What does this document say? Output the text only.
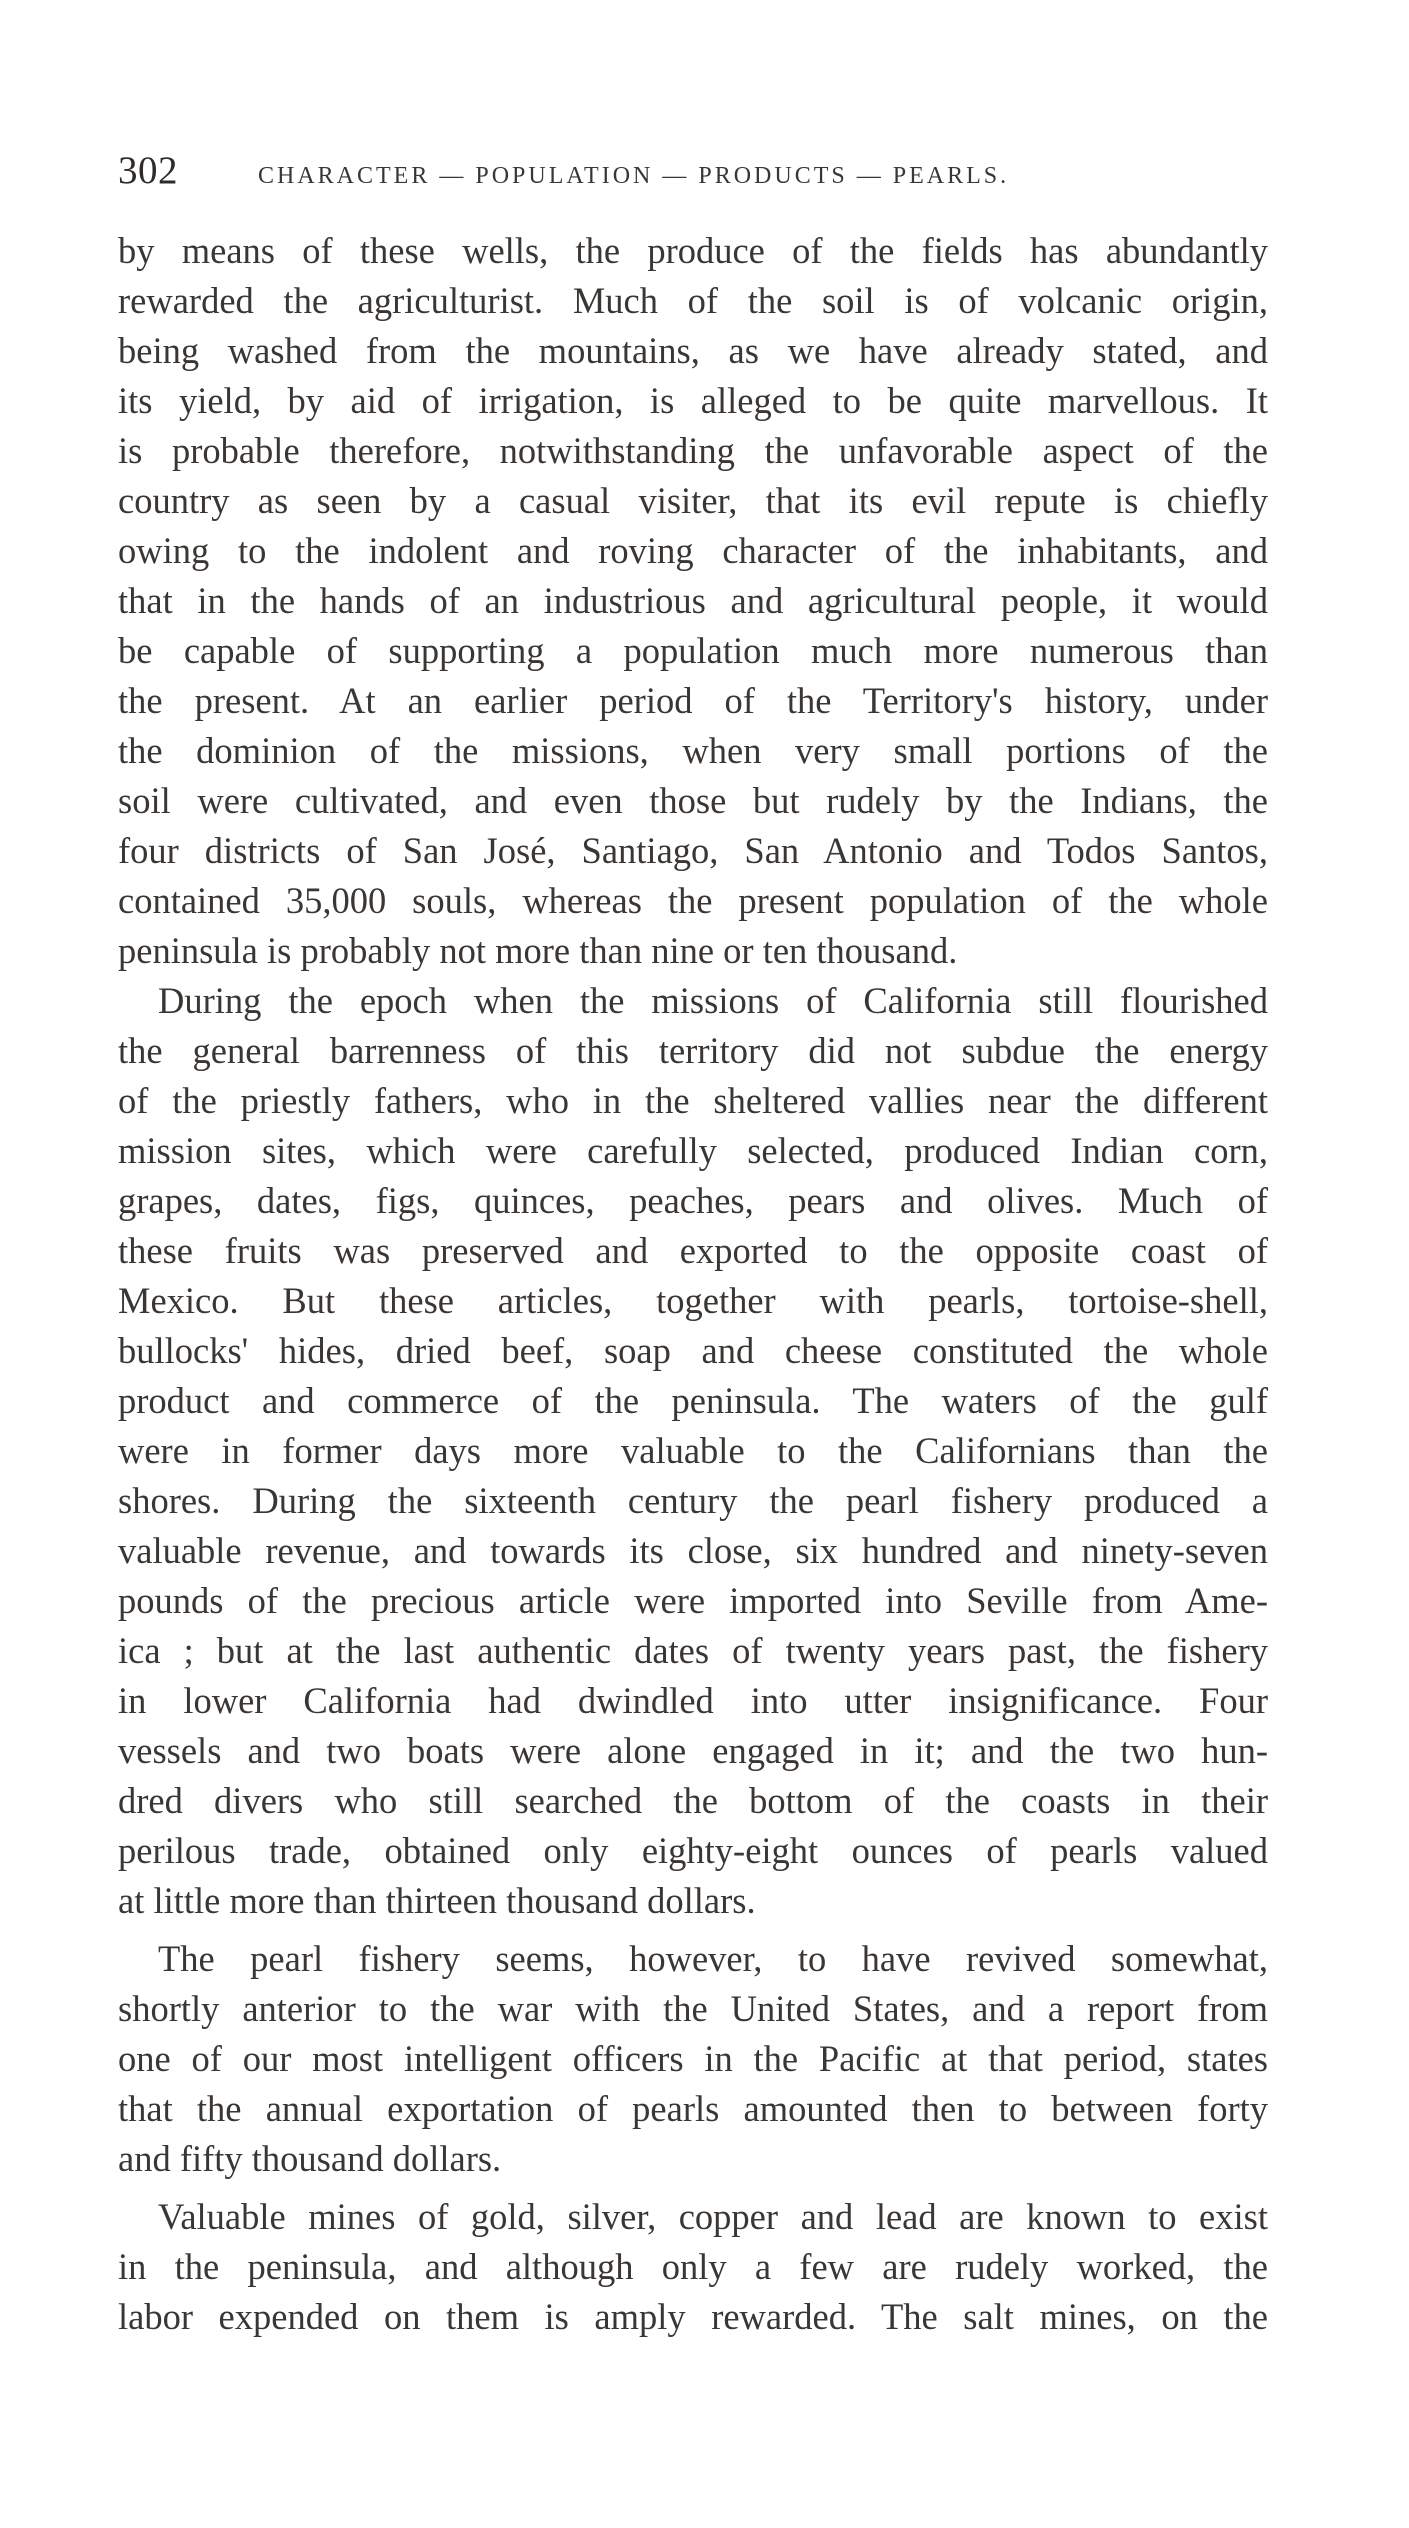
302	CHARACTER — POPULATION — PRODUCTS — PEARLS.

by means of these wells, the produce of the fields has abundantly

rewarded the agriculturist. Much of the soil is of volcanic origin,

being washed from the mountains, as we have already stated, and

its yield, by aid of irrigation, is alleged to be quite marvellous. It

is probable therefore, notwithstanding the unfavorable aspect of the

country as seen by a casual visiter, that its evil repute is chiefly

owing to the indolent and roving character of the inhabitants, and

that in the hands of an industrious and agricultural people, it would

be capable of supporting a population much more numerous than

the present. At an earlier period of the Territory's history, under

the dominion of the missions, when very small portions of the

soil were cultivated, and even those but rudely by the Indians, the

four districts of San José, Santiago, San Antonio and Todos Santos,

contained 35,000 souls, whereas the present population of the whole

peninsula is probably not more than nine or ten thousand.

During the epoch when the missions of California still flourished

the general barrenness of this territory did not subdue the energy

of the priestly fathers, who in the sheltered vallies near the different

mission sites, which were carefully selected, produced Indian corn,

grapes, dates, figs, quinces, peaches, pears and olives. Much of

these fruits was preserved and exported to the opposite coast of

Mexico. But these articles, together with pearls, tortoise-shell,

bullocks' hides, dried beef, soap and cheese constituted the whole

product and commerce of the peninsula. The waters of the gulf

were in former days more valuable to the Californians than the

shores. During the sixteenth century the pearl fishery produced a

valuable revenue, and towards its close, six hundred and ninety-seven

pounds of the precious article were imported into Seville from Ame-

ica ; but at the last authentic dates of twenty years past, the fishery

in lower California had dwindled into utter insignificance. Four

vessels and two boats were alone engaged in it; and the two hun-

dred divers who still searched the bottom of the coasts in their

perilous trade, obtained only eighty-eight ounces of pearls valued

at little more than thirteen thousand dollars.

The pearl fishery seems, however, to have revived somewhat,

shortly anterior to the war with the United States, and a report from

one of our most intelligent officers in the Pacific at that period, states

that the annual exportation of pearls amounted then to between forty

and fifty thousand dollars.

Valuable mines of gold, silver, copper and lead are known to exist

in the peninsula, and although only a few are rudely worked, the

labor expended on them is amply rewarded. The salt mines, on the
